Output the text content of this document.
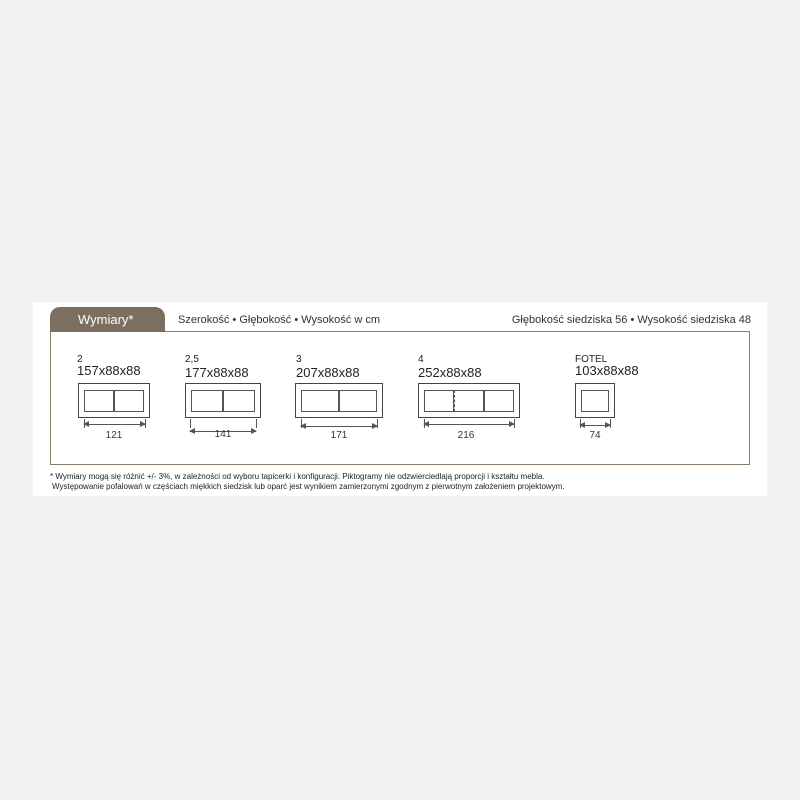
Wymiary*	Szerokość • Głębokość • Wysokość w cm	Głębokość siedziska 56 • Wysokość siedziska 48
2
157x88x88
121
2,5
177x88x88
141
3
207x88x88
171
4
252x88x88
216
FOTEL
103x88x88
74
* Wymiary mogą się różnić +/- 3%, w zależności od wyboru tapicerki i konfiguracji. Piktogramy nie odzwierciedlają proporcji i kształtu mebla.
Występowanie pofalowań w częściach miękkich siedzisk lub oparć jest wynikiem zamierzonymi zgodnym z pierwotnym założeniem projektowym.
